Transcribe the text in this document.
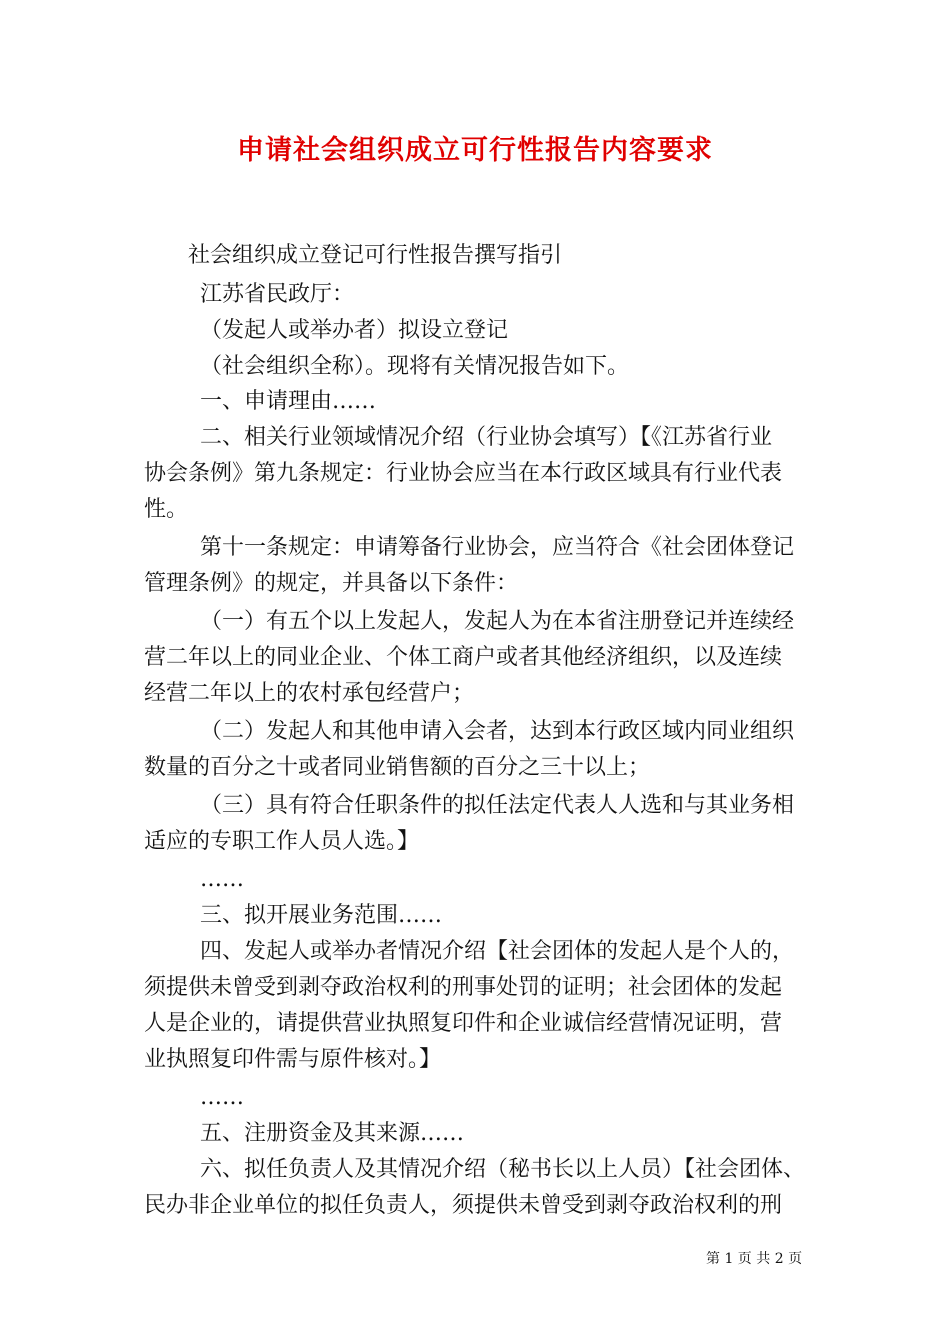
申请社会组织成立可行性报告内容要求
社会组织成立登记可行性报告撰写指引
江苏省民政厅：
（发起人或举办者）拟设立登记
（社会组织全称）。现将有关情况报告如下。
一、申请理由……
二、相关行业领域情况介绍（行业协会填写）【《江苏省行业
协会条例》第九条规定：行业协会应当在本行政区域具有行业代表
性。
第十一条规定：申请筹备行业协会，应当符合《社会团体登记
管理条例》的规定，并具备以下条件：
（一）有五个以上发起人，发起人为在本省注册登记并连续经
营二年以上的同业企业、个体工商户或者其他经济组织，以及连续
经营二年以上的农村承包经营户；
（二）发起人和其他申请入会者，达到本行政区域内同业组织
数量的百分之十或者同业销售额的百分之三十以上；
（三）具有符合任职条件的拟任法定代表人人选和与其业务相
适应的专职工作人员人选。】
……
三、拟开展业务范围……
四、发起人或举办者情况介绍【社会团体的发起人是个人的，
须提供未曾受到剥夺政治权利的刑事处罚的证明；社会团体的发起
人是企业的，请提供营业执照复印件和企业诚信经营情况证明，营
业执照复印件需与原件核对。】
……
五、注册资金及其来源……
六、拟任负责人及其情况介绍（秘书长以上人员）【社会团体、
民办非企业单位的拟任负责人，须提供未曾受到剥夺政治权利的刑
第 1 页 共 2 页
